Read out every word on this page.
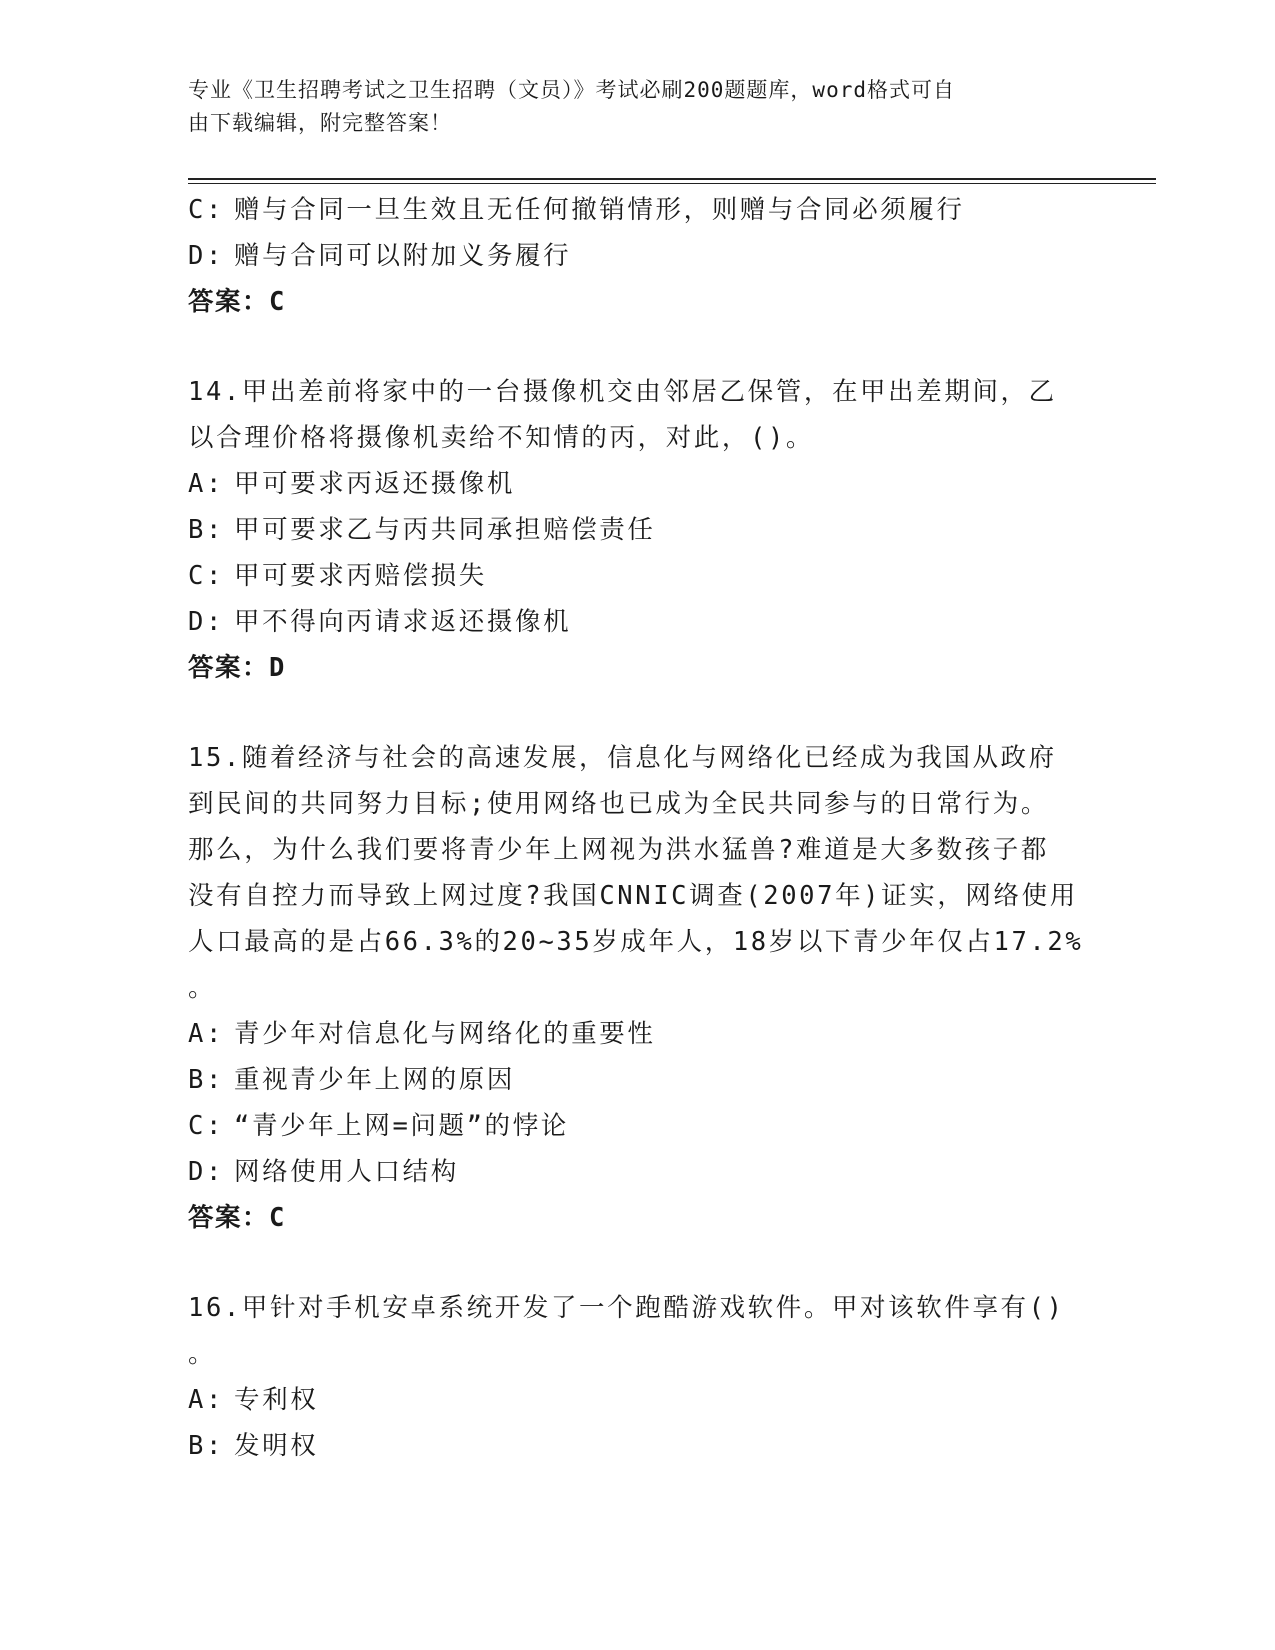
专业《卫生招聘考试之卫生招聘（文员）》考试必刷200题题库，word格式可自
由下载编辑，附完整答案！
C: 赠与合同一旦生效且无任何撤销情形，则赠与合同必须履行
D: 赠与合同可以附加义务履行
答案：C
14.甲出差前将家中的一台摄像机交由邻居乙保管，在甲出差期间，乙
以合理价格将摄像机卖给不知情的丙，对此，()。
A: 甲可要求丙返还摄像机
B: 甲可要求乙与丙共同承担赔偿责任
C: 甲可要求丙赔偿损失
D: 甲不得向丙请求返还摄像机
答案：D
15.随着经济与社会的高速发展，信息化与网络化已经成为我国从政府
到民间的共同努力目标;使用网络也已成为全民共同参与的日常行为。
那么，为什么我们要将青少年上网视为洪水猛兽?难道是大多数孩子都
没有自控力而导致上网过度?我国CNNIC调查(2007年)证实，网络使用
人口最高的是占66.3%的20~35岁成年人，18岁以下青少年仅占17.2%
。
A: 青少年对信息化与网络化的重要性
B: 重视青少年上网的原因
C: “青少年上网=问题”的悖论
D: 网络使用人口结构
答案：C
16.甲针对手机安卓系统开发了一个跑酷游戏软件。甲对该软件享有()
。
A: 专利权
B: 发明权
